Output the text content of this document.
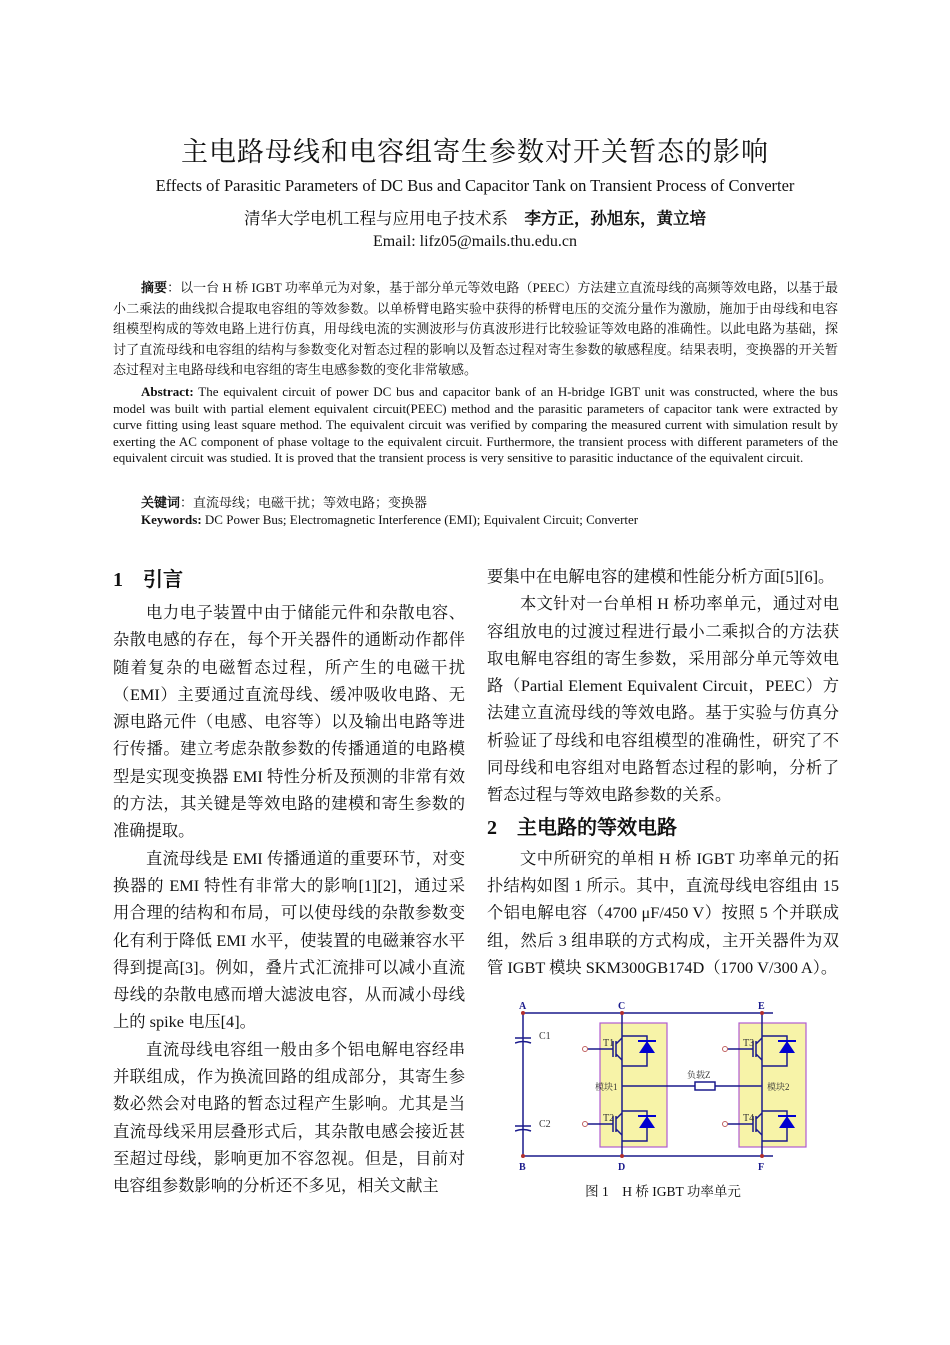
主电路母线和电容组寄生参数对开关暂态的影响
Effects of Parasitic Parameters of DC Bus and Capacitor Tank on Transient Process of Converter
清华大学电机工程与应用电子技术系　 李方正，孙旭东，黄立培
Email: lifz05@mails.thu.edu.cn
摘要：以一台 H 桥 IGBT 功率单元为对象，基于部分单元等效电路（PEEC）方法建立直流母线的高频等效电路，以基于最小二乘法的曲线拟合提取电容组的等效参数。以单桥臂电路实验中获得的桥臂电压的交流分量作为激励，施加于由母线和电容组模型构成的等效电路上进行仿真，用母线电流的实测波形与仿真波形进行比较验证等效电路的准确性。以此电路为基础，探讨了直流母线和电容组的结构与参数变化对暂态过程的影响以及暂态过程对寄生参数的敏感程度。结果表明，变换器的开关暂态过程对主电路母线和电容组的寄生电感参数的变化非常敏感。
Abstract: The equivalent circuit of power DC bus and capacitor bank of an H-bridge IGBT unit was constructed, where the bus model was built with partial element equivalent circuit(PEEC) method and the parasitic parameters of capacitor tank were extracted by curve fitting using least square method. The equivalent circuit was verified by comparing the measured current with simulation result by exerting the AC component of phase voltage to the equivalent circuit. Furthermore, the transient process with different parameters of the equivalent circuit was studied. It is proved that the transient process is very sensitive to parasitic inductance of the equivalent circuit.
关键词：直流母线；电磁干扰；等效电路；变换器
Keywords: DC Power Bus; Electromagnetic Interference (EMI); Equivalent Circuit; Converter
1 引言

电力电子装置中由于储能元件和杂散电容、杂散电感的存在，每个开关器件的通断动作都伴随着复杂的电磁暂态过程，所产生的电磁干扰（EMI）主要通过直流母线、缓冲吸收电路、无源电路元件（电感、电容等）以及输出电路等进行传播。建立考虑杂散参数的传播通道的电路模型是实现变换器 EMI 特性分析及预测的非常有效的方法，其关键是等效电路的建模和寄生参数的准确提取。

直流母线是 EMI 传播通道的重要环节，对变换器的 EMI 特性有非常大的影响[1][2]，通过采用合理的结构和布局，可以使母线的杂散参数变化有利于降低 EMI 水平，使装置的电磁兼容水平得到提高[3]。例如，叠片式汇流排可以减小直流母线的杂散电感而增大滤波电容，从而减小母线上的 spike 电压[4]。

直流母线电容组一般由多个铝电解电容经串并联组成，作为换流回路的组成部分，其寄生参数必然会对电路的暂态过程产生影响。尤其是当直流母线采用层叠形式后，其杂散电感会接近甚至超过母线，影响更加不容忽视。但是，目前对电容组参数影响的分析还不多见，相关文献主

要集中在电解电容的建模和性能分析方面[5][6]。

本文针对一台单相 H 桥功率单元，通过对电容组放电的过渡过程进行最小二乘拟合的方法获取电解电容组的寄生参数，采用部分单元等效电路（Partial Element Equivalent Circuit，PEEC）方法建立直流母线的等效电路。基于实验与仿真分析验证了母线和电容组模型的准确性，研究了不同母线和电容组对电路暂态过程的影响，分析了暂态过程与等效电路参数的关系。

2 主电路的等效电路

文中所研究的单相 H 桥 IGBT 功率单元的拓扑结构如图 1 所示。其中，直流母线电容组由 15 个铝电解电容（4700 μF/450 V）按照 5 个并联成组，然后 3 组串联的方式构成，主开关器件为双管 IGBT 模块 SKM300GB174D（1700 V/300 A）。

A
B
C
D
E
F
C1
C2
T1
T2
T3
T4
模块1	模块2
负载Z
图 1　H 桥 IGBT 功率单元
